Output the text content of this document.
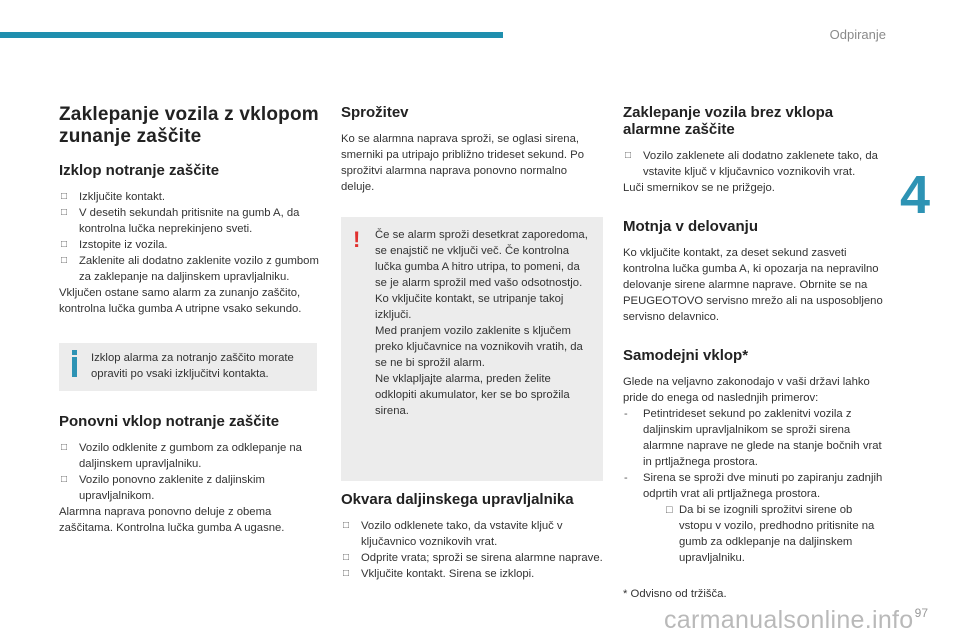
Odpiranje
4
Zaklepanje vozila z vklopom zunanje zaščite
Izklop notranje zaščite
□ Izključite kontakt.
□ V desetih sekundah pritisnite na gumb A, da kontrolna lučka neprekinjeno sveti.
□ Izstopite iz vozila.
□ Zaklenite ali dodatno zaklenite vozilo z gumbom za zaklepanje na daljinskem upravljalniku.

Vključen ostane samo alarm za zunanjo zaščito, kontrolna lučka gumba A utripne vsako sekundo.

Izklop alarma za notranjo zaščito morate opraviti po vsaki izključitvi kontakta.

Ponovni vklop notranje zaščite
□ Vozilo odklenite z gumbom za odklepanje na daljinskem upravljalniku.
□ Vozilo ponovno zaklenite z daljinskim upravljalnikom.

Alarmna naprava ponovno deluje z obema zaščitama. Kontrolna lučka gumba A ugasne.

Sprožitev

Ko se alarmna naprava sproži, se oglasi sirena, smerniki pa utripajo približno trideset sekund. Po sprožitvi alarmna naprava ponovno normalno deluje.

! Če se alarm sproži desetkrat zaporedoma, se enajstič ne vključi več. Če kontrolna lučka gumba A hitro utripa, to pomeni, da se je alarm sprožil med vašo odsotnostjo. Ko vključite kontakt, se utripanje takoj izključi.

Med pranjem vozilo zaklenite s ključem preko ključavnice na voznikovih vratih, da se ne bi sprožil alarm.

Ne vklapljajte alarma, preden želite odklopiti akumulator, ker se bo sprožila sirena.

Okvara daljinskega upravljalnika
□ Vozilo odklenete tako, da vstavite ključ v ključavnico voznikovih vrat.
□ Odprite vrata; sproži se sirena alarmne naprave.
□ Vključite kontakt. Sirena se izklopi.
Zaklepanje vozila brez vklopa alarmne zaščite
□ Vozilo zaklenete ali dodatno zaklenete tako, da vstavite ključ v ključavnico voznikovih vrat.

Luči smernikov se ne prižgejo.

Motnja v delovanju

Ko vključite kontakt, za deset sekund zasveti kontrolna lučka gumba A, ki opozarja na nepravilno delovanje sirene alarmne naprave. Obrnite se na PEUGEOTOVO servisno mrežo ali na usposobljeno servisno delavnico.

Samodejni vklop*

Glede na veljavno zakonodajo v vaši državi lahko pride do enega od naslednjih primerov:

- Petintrideset sekund po zaklenitvi vozila z daljinskim upravljalnikom se sproži sirena alarmne naprave ne glede na stanje bočnih vrat in prtljažnega prostora.
- Sirena se sproži dve minuti po zapiranju zadnjih odprtih vrat ali prtljažnega prostora.
□ Da bi se izognili sprožitvi sirene ob vstopu v vozilo, predhodno pritisnite na gumb za odklepanje na daljinskem upravljalniku.

* Odvisno od tržišča.

carmanualsonline.info 97
